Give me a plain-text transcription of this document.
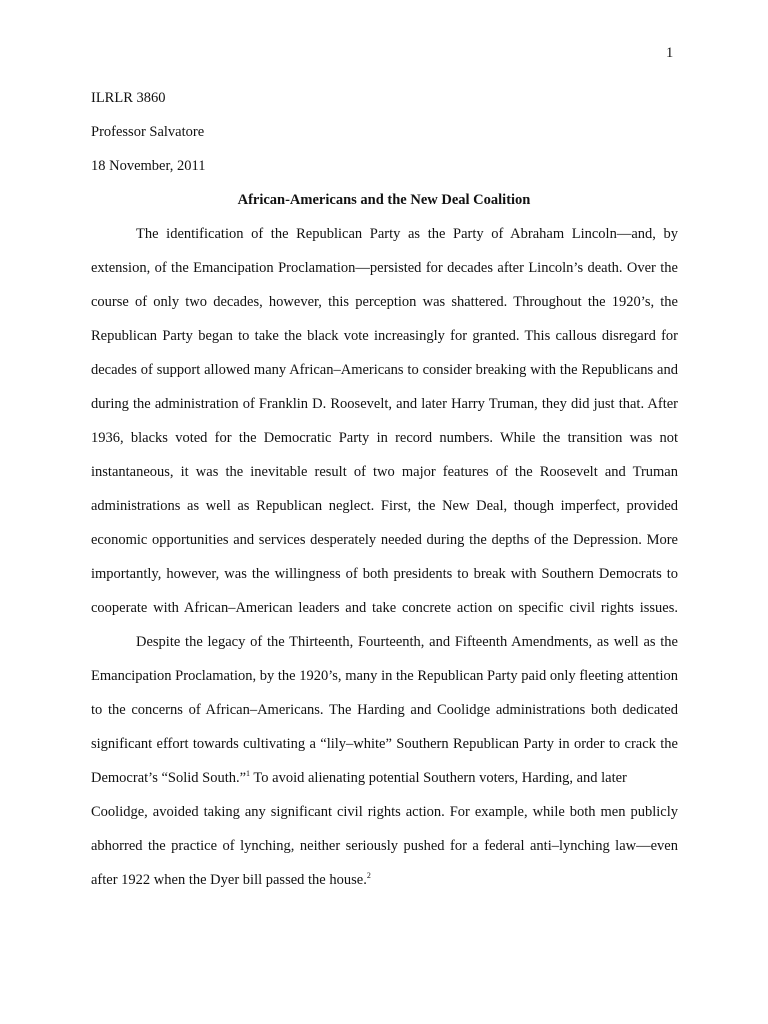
1
ILRLR 3860
Professor Salvatore
18 November, 2011
African-Americans and the New Deal Coalition
The identification of the Republican Party as the Party of Abraham Lincoln—and, by
extension, of the Emancipation Proclamation—persisted for decades after Lincoln’s death. Over the
course of only two decades, however, this perception was shattered. Throughout the 1920’s, the
Republican Party began to take the black vote increasingly for granted. This callous disregard for
decades of support allowed many African–Americans to consider breaking with the Republicans and
during the administration of Franklin D. Roosevelt, and later Harry Truman, they did just that. After
1936, blacks voted for the Democratic Party in record numbers. While the transition was not
instantaneous, it was the inevitable result of two major features of the Roosevelt and Truman
administrations as well as Republican neglect. First, the New Deal, though imperfect, provided
economic opportunities and services desperately needed during the depths of the Depression. More
importantly, however, was the willingness of both presidents to break with Southern Democrats to
cooperate with African–American leaders and take concrete action on specific civil rights issues.
Despite the legacy of the Thirteenth, Fourteenth, and Fifteenth Amendments, as well as the
Emancipation Proclamation, by the 1920’s, many in the Republican Party paid only fleeting attention
to the concerns of African–Americans. The Harding and Coolidge administrations both dedicated
significant effort towards cultivating a “lily–white” Southern Republican Party in order to crack the
Democrat’s “Solid South.”$^1$ To avoid alienating potential Southern voters, Harding, and later
Coolidge, avoided taking any significant civil rights action. For example, while both men publicly
abhorred the practice of lynching, neither seriously pushed for a federal anti–lynching law—even
after 1922 when the Dyer bill passed the house.$^2$
